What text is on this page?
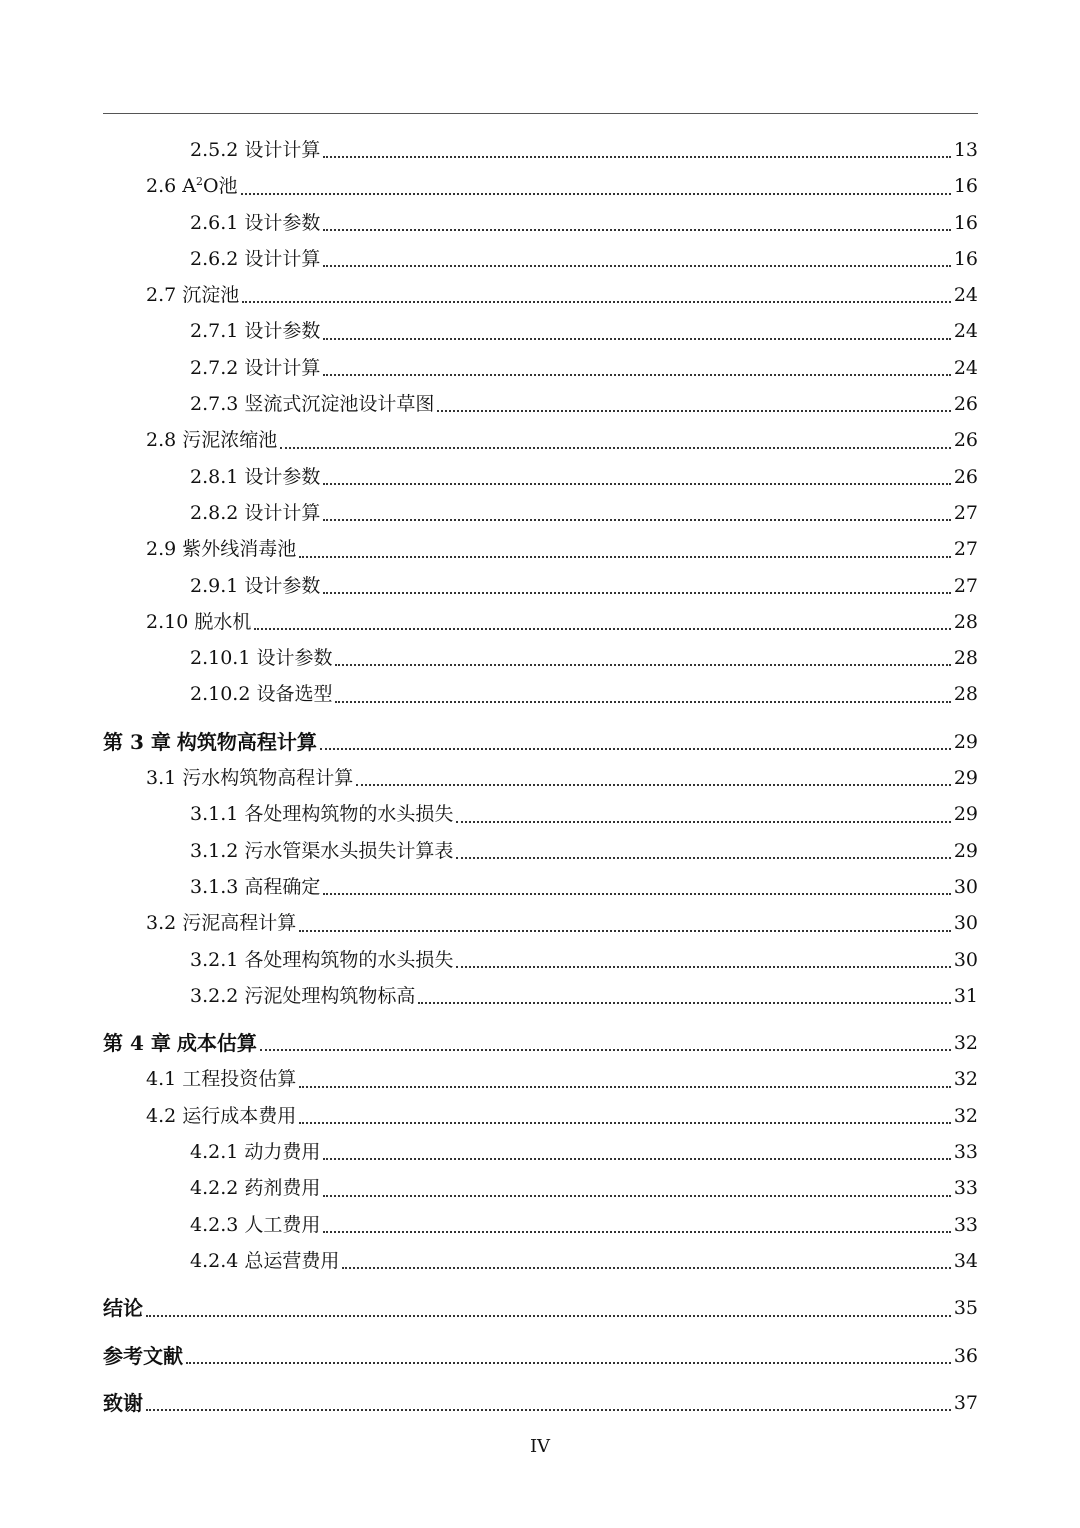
2.5.2 设计计算	13
2.6 $A^2O$池	16
2.6.1 设计参数	16
2.6.2 设计计算	16
2.7 沉淀池	24
2.7.1 设计参数	24
2.7.2 设计计算	24
2.7.3 竖流式沉淀池设计草图	26
2.8 污泥浓缩池	26
2.8.1 设计参数	26
2.8.2 设计计算	27
2.9 紫外线消毒池	27
2.9.1 设计参数	27
2.10 脱水机	28
2.10.1 设计参数	28
2.10.2 设备选型	28
第 3 章 构筑物高程计算	29
3.1 污水构筑物高程计算	29
3.1.1 各处理构筑物的水头损失	29
3.1.2 污水管渠水头损失计算表	29
3.1.3 高程确定	30
3.2 污泥高程计算	30
3.2.1 各处理构筑物的水头损失	30
3.2.2 污泥处理构筑物标高	31
第 4 章 成本估算	32
4.1 工程投资估算	32
4.2 运行成本费用	32
4.2.1 动力费用	33
4.2.2 药剂费用	33
4.2.3 人工费用	33
4.2.4 总运营费用	34
结论	35
参考文献	36
致谢	37
IV
